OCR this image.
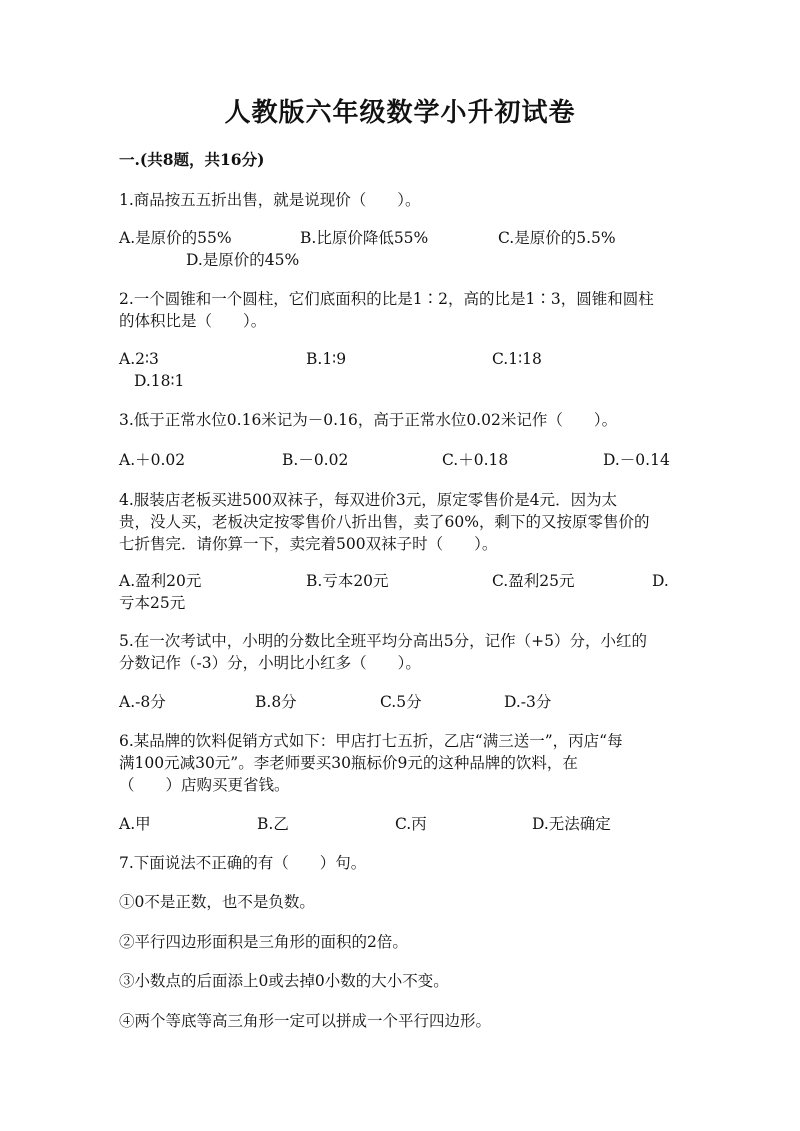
人教版六年级数学小升初试卷
一.(共8题，共16分)
1.商品按五五折出售，就是说现价（　　）。
A.是原价的55%	B.比原价降低55%	C.是原价的5.5%
D.是原价的45%
2.一个圆锥和一个圆柱，它们底面积的比是1∶2，高的比是1∶3，圆锥和圆柱
的体积比是（　　）。
A.2∶3	B.1∶9	C.1∶18
D.18∶1
3.低于正常水位0.16米记为－0.16，高于正常水位0.02米记作（　　）。
A.＋0.02	B.－0.02	C.＋0.18	D.－0.14
4.服装店老板买进500双袜子，每双进价3元，原定零售价是4元．因为太
贵，没人买，老板决定按零售价八折出售，卖了60%，剩下的又按原零售价的
七折售完．请你算一下，卖完着500双袜子时（　　）。
A.盈利20元	B.亏本20元	C.盈利25元	D.
亏本25元
5.在一次考试中，小明的分数比全班平均分高出5分，记作（+5）分，小红的
分数记作（-3）分，小明比小红多（　　）。
A.-8分	B.8分	C.5分	D.-3分
6.某品牌的饮料促销方式如下：甲店打七五折，乙店“满三送一”，丙店“每
满100元减30元”。李老师要买30瓶标价9元的这种品牌的饮料，在
（　　）店购买更省钱。
A.甲	B.乙	C.丙	D.无法确定
7.下面说法不正确的有（　　）句。
①0不是正数，也不是负数。
②平行四边形面积是三角形的面积的2倍。
③小数点的后面添上0或去掉0小数的大小不变。
④两个等底等高三角形一定可以拼成一个平行四边形。
